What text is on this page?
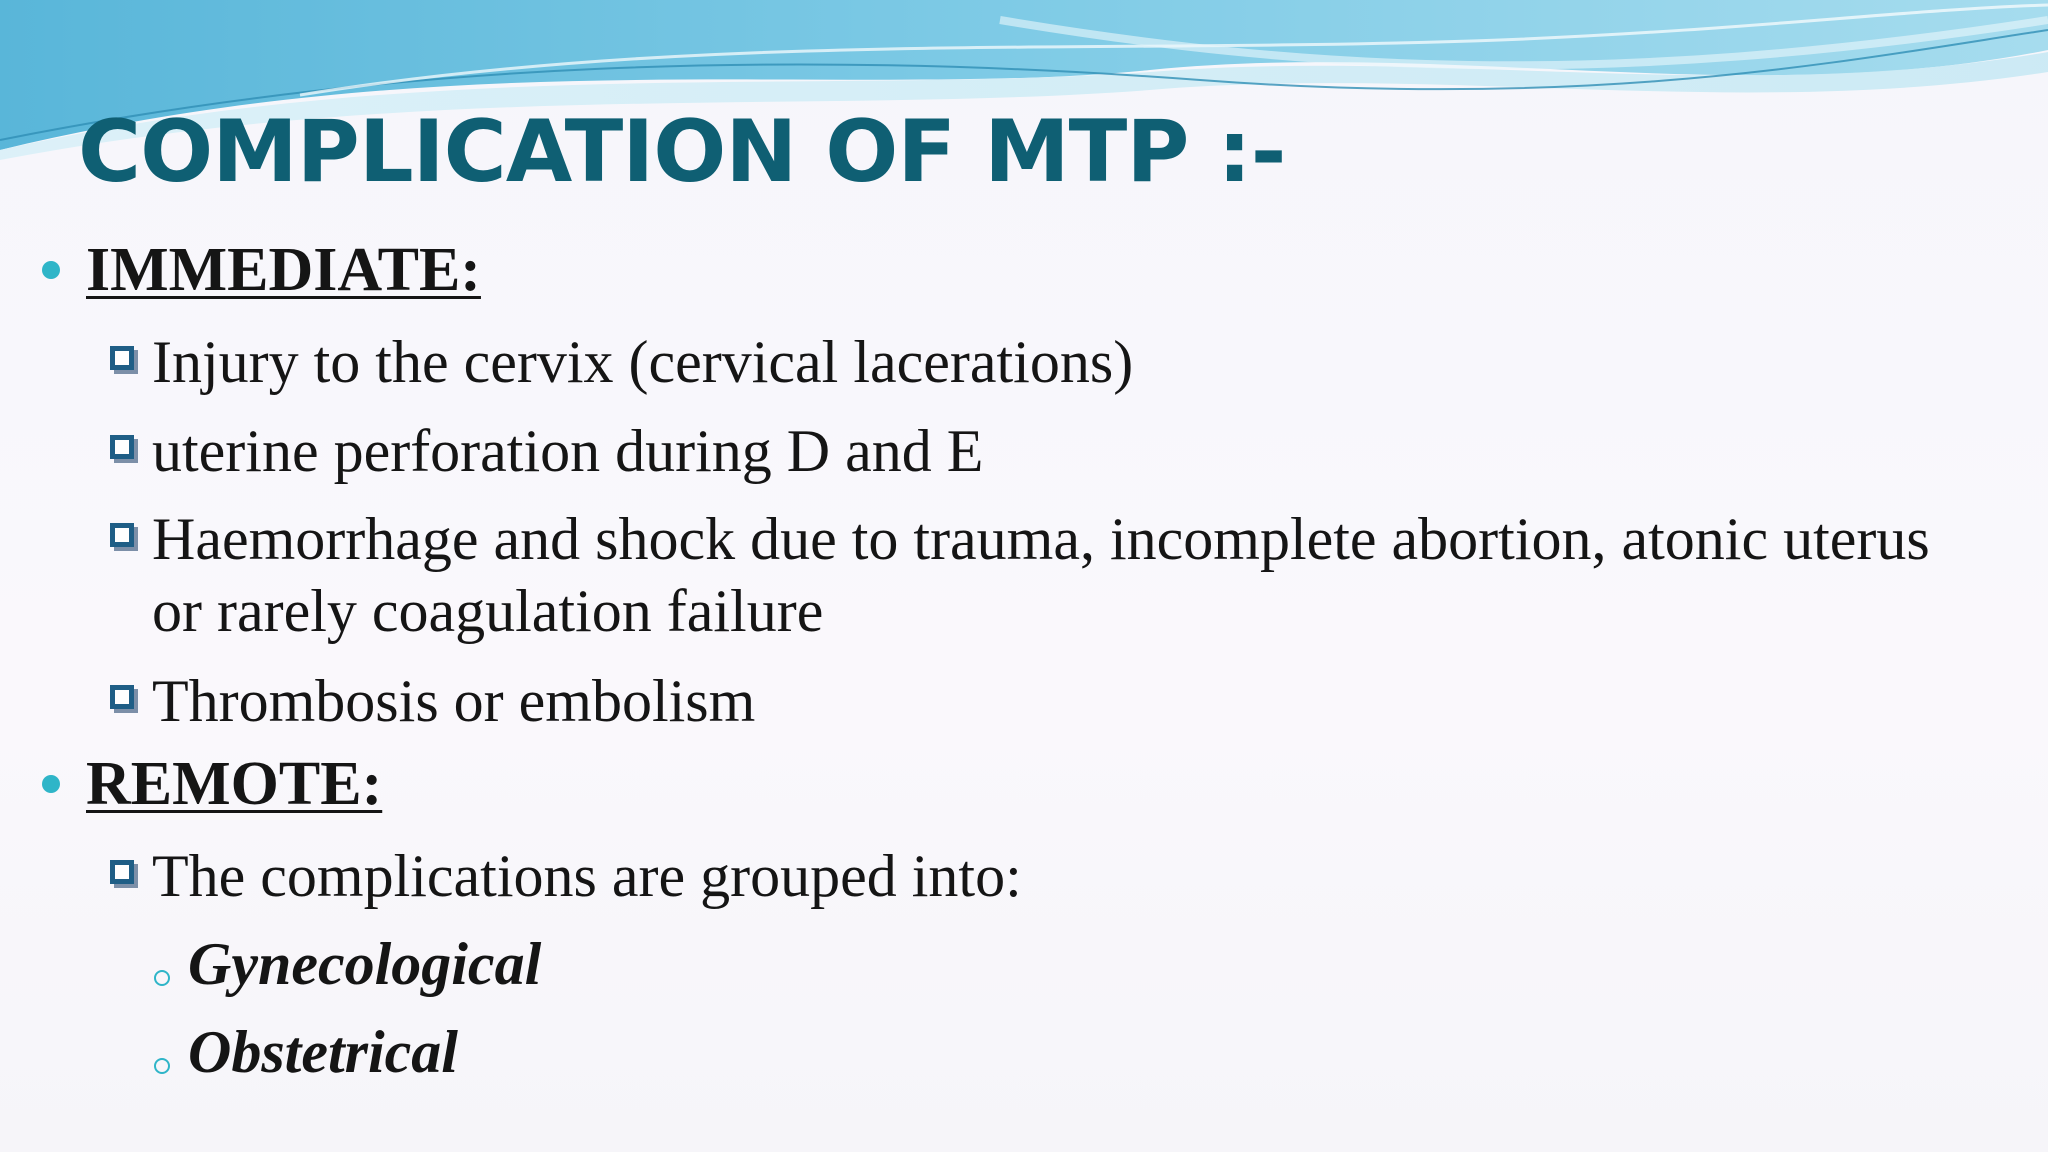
COMPLICATION OF MTP :-
IMMEDIATE:
Injury to the cervix (cervical lacerations)
uterine perforation during D and E
Haemorrhage and shock due to trauma, incomplete abortion, atonic uterus or rarely coagulation failure
Thrombosis or embolism
REMOTE:
The complications are grouped into:
Gynecological
Obstetrical
